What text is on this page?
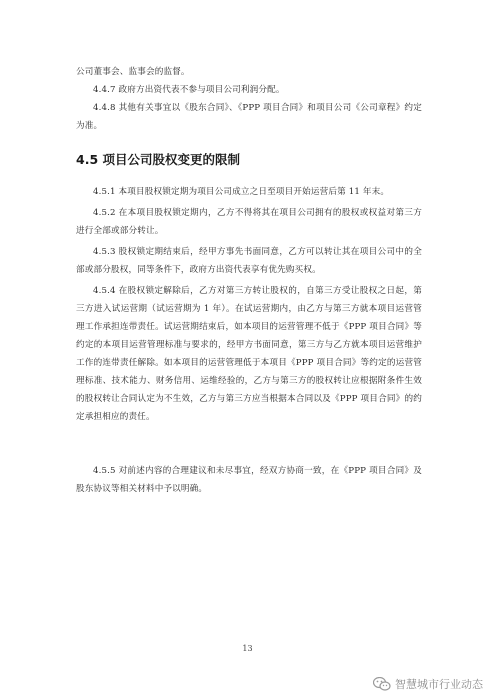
公司董事会、监事会的监督。

4.4.7 政府方出资代表不参与项目公司利润分配。

4.4.8 其他有关事宜以《股东合同》、《PPP 项目合同》和项目公司《公司章程》约定为准。

4.5 项目公司股权变更的限制

4.5.1 本项目股权锁定期为项目公司成立之日至项目开始运营后第 11 年末。

4.5.2 在本项目股权锁定期内，乙方不得将其在项目公司拥有的股权或权益对第三方进行全部或部分转让。

4.5.3 股权锁定期结束后，经甲方事先书面同意，乙方可以转让其在项目公司中的全部或部分股权，同等条件下，政府方出资代表享有优先购买权。

4.5.4 在股权锁定解除后，乙方对第三方转让股权的，自第三方受让股权之日起，第三方进入试运营期（试运营期为 1 年）。在试运营期内，由乙方与第三方就本项目运营管理工作承担连带责任。试运营期结束后，如本项目的运营管理不低于《PPP 项目合同》等约定的本项目运营管理标准与要求的，经甲方书面同意，第三方与乙方就本项目运营维护工作的连带责任解除。如本项目的运营管理低于本项目《PPP 项目合同》等约定的运营管理标准、技术能力、财务信用、运维经验的，乙方与第三方的股权转让应根据附条件生效的股权转让合同认定为不生效，乙方与第三方应当根据本合同以及《PPP 项目合同》的约定承担相应的责任。

4.5.5 对前述内容的合理建议和未尽事宜，经双方协商一致，在《PPP 项目合同》及股东协议等相关材料中予以明确。

13
智慧城市行业动态
